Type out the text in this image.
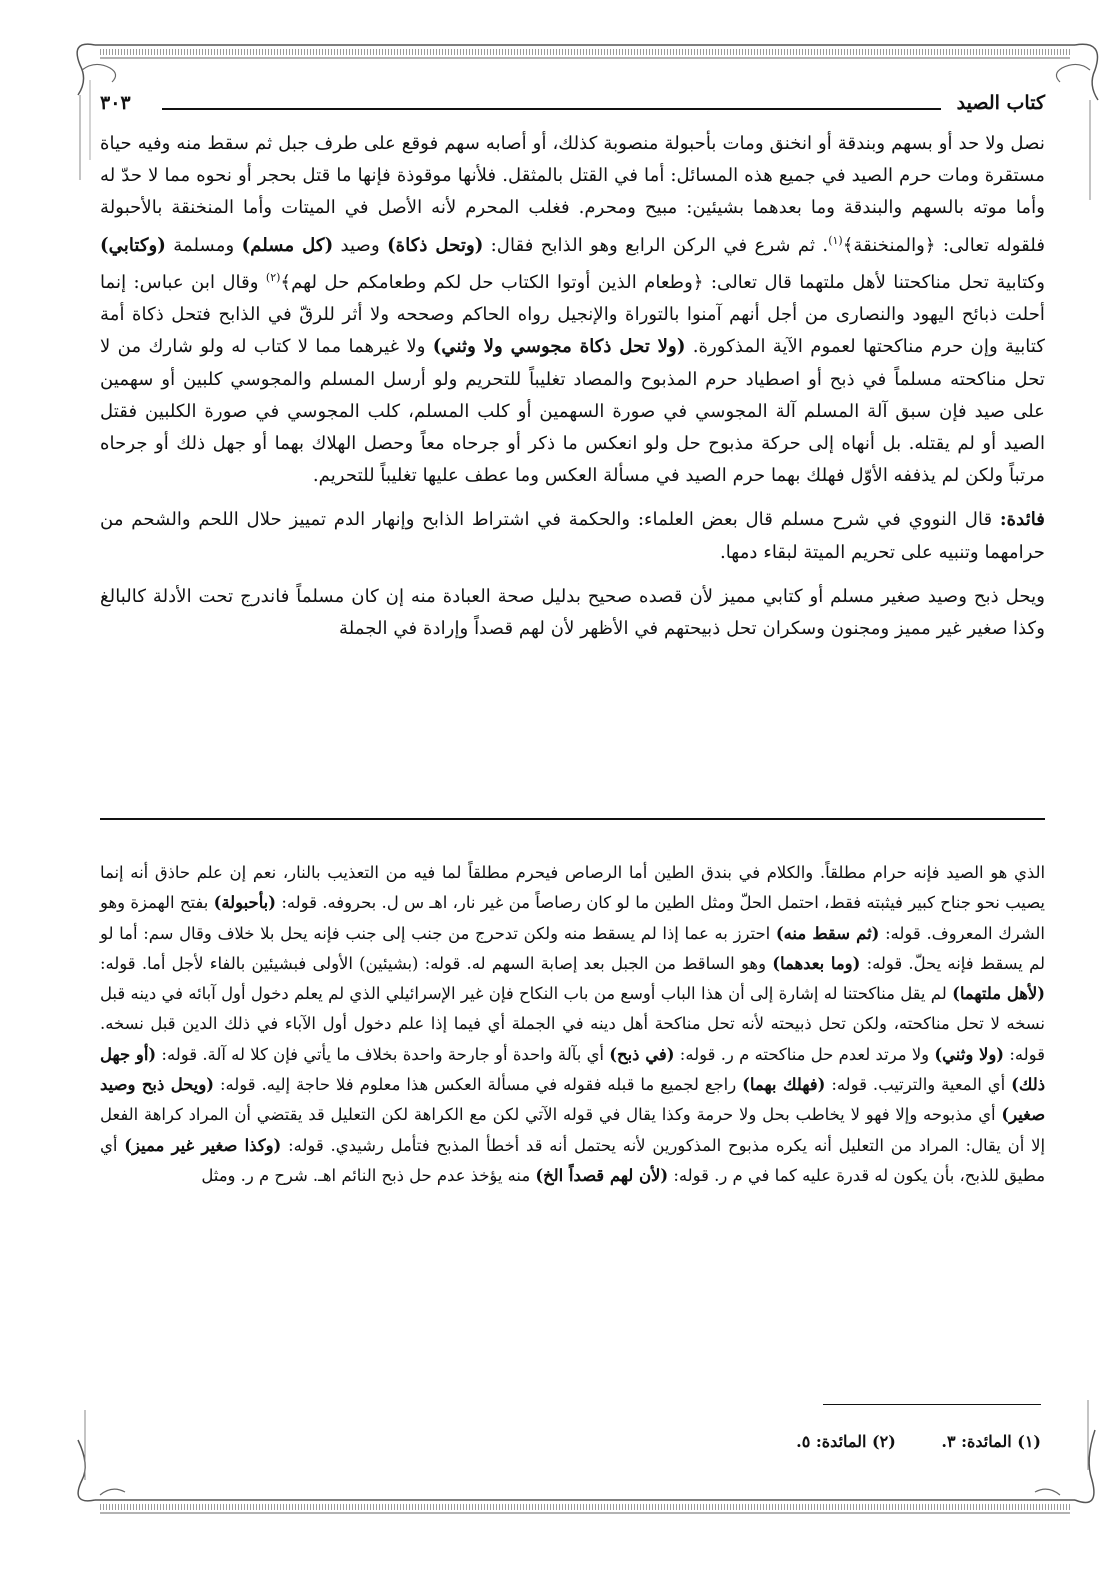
كتاب الصيد
٣٠٣

نصل ولا حد أو بسهم وبندقة أو انخنق ومات بأحبولة منصوبة كذلك، أو أصابه سهم فوقع على طرف جبل ثم سقط منه وفيه حياة مستقرة ومات حرم الصيد في جميع هذه المسائل: أما في القتل بالمثقل. فلأنها موقوذة فإنها ما قتل بحجر أو نحوه مما لا حدّ له وأما موته بالسهم والبندقة وما بعدهما بشيئين: مبيح ومحرم. فغلب المحرم لأنه الأصل في الميتات وأما المنخنقة بالأحبولة فلقوله تعالى: ﴿والمنخنقة﴾$^{(١)}$. ثم شرع في الركن الرابع وهو الذابح فقال: (وتحل ذكاة) وصيد (كل مسلم) ومسلمة (وكتابي) وكتابية تحل مناكحتنا لأهل ملتهما قال تعالى: ﴿وطعام الذين أوتوا الكتاب حل لكم وطعامكم حل لهم﴾$^{(٢)}$ وقال ابن عباس: إنما أحلت ذبائح اليهود والنصارى من أجل أنهم آمنوا بالتوراة والإنجيل رواه الحاكم وصححه ولا أثر للرقّ في الذابح فتحل ذكاة أمة كتابية وإن حرم مناكحتها لعموم الآية المذكورة. (ولا تحل ذكاة مجوسي ولا وثني) ولا غيرهما مما لا كتاب له ولو شارك من لا تحل مناكحته مسلماً في ذبح أو اصطياد حرم المذبوح والمصاد تغليباً للتحريم ولو أرسل المسلم والمجوسي كلبين أو سهمين على صيد فإن سبق آلة المسلم آلة المجوسي في صورة السهمين أو كلب المسلم، كلب المجوسي في صورة الكلبين فقتل الصيد أو لم يقتله. بل أنهاه إلى حركة مذبوح حل ولو انعكس ما ذكر أو جرحاه معاً وحصل الهلاك بهما أو جهل ذلك أو جرحاه مرتباً ولكن لم يذففه الأوّل فهلك بهما حرم الصيد في مسألة العكس وما عطف عليها تغليباً للتحريم.

فائدة: قال النووي في شرح مسلم قال بعض العلماء: والحكمة في اشتراط الذابح وإنهار الدم تمييز حلال اللحم والشحم من حرامهما وتنبيه على تحريم الميتة لبقاء دمها.

ويحل ذبح وصيد صغير مسلم أو كتابي مميز لأن قصده صحيح بدليل صحة العبادة منه إن كان مسلماً فاندرج تحت الأدلة كالبالغ وكذا صغير غير مميز ومجنون وسكران تحل ذبيحتهم في الأظهر لأن لهم قصداً وإرادة في الجملة

الذي هو الصيد فإنه حرام مطلقاً. والكلام في بندق الطين أما الرصاص فيحرم مطلقاً لما فيه من التعذيب بالنار، نعم إن علم حاذق أنه إنما يصيب نحو جناح كبير فيثبته فقط، احتمل الحلّ ومثل الطين ما لو كان رصاصاً من غير نار، اهـ س ل. بحروفه. قوله: (بأحبولة) بفتح الهمزة وهو الشرك المعروف. قوله: (ثم سقط منه) احترز به عما إذا لم يسقط منه ولكن تدحرج من جنب إلى جنب فإنه يحل بلا خلاف وقال سم: أما لو لم يسقط فإنه يحلّ. قوله: (وما بعدهما) وهو الساقط من الجبل بعد إصابة السهم له. قوله: (بشيئين) الأولى فبشيئين بالفاء لأجل أما. قوله: (لأهل ملتهما) لم يقل مناكحتنا له إشارة إلى أن هذا الباب أوسع من باب النكاح فإن غير الإسرائيلي الذي لم يعلم دخول أول آبائه في دينه قبل نسخه لا تحل مناكحته، ولكن تحل ذبيحته لأنه تحل مناكحة أهل دينه في الجملة أي فيما إذا علم دخول أول الآباء في ذلك الدين قبل نسخه. قوله: (ولا وثني) ولا مرتد لعدم حل مناكحته م ر. قوله: (في ذبح) أي بآلة واحدة أو جارحة واحدة بخلاف ما يأتي فإن كلا له آلة. قوله: (أو جهل ذلك) أي المعية والترتيب. قوله: (فهلك بهما) راجع لجميع ما قبله فقوله في مسألة العكس هذا معلوم فلا حاجة إليه. قوله: (ويحل ذبح وصيد صغير) أي مذبوحه وإلا فهو لا يخاطب بحل ولا حرمة وكذا يقال في قوله الآتي لكن مع الكراهة لكن التعليل قد يقتضي أن المراد كراهة الفعل إلا أن يقال: المراد من التعليل أنه يكره مذبوح المذكورين لأنه يحتمل أنه قد أخطأ المذبح فتأمل رشيدي. قوله: (وكذا صغير غير مميز) أي مطيق للذبح، بأن يكون له قدرة عليه كما في م ر. قوله: (لأن لهم قصداً الخ) منه يؤخذ عدم حل ذبح النائم اهـ. شرح م ر. ومثل

(١) المائدة: ٣. (٢) المائدة: ٥.
